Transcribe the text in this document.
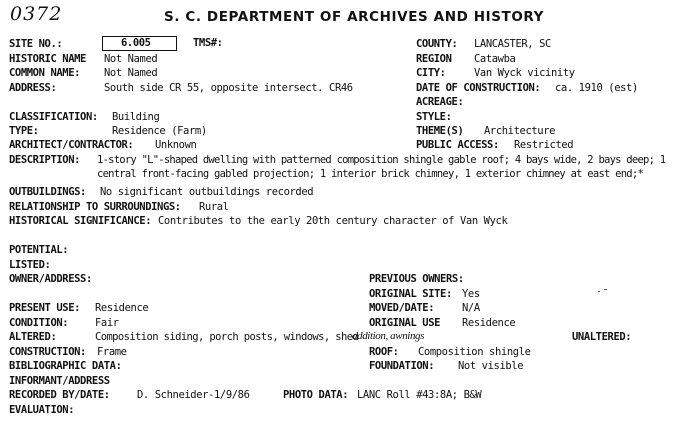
0372	S. C. DEPARTMENT OF ARCHIVES AND HISTORY
SITE NO.:	6.005	TMS#:
HISTORIC NAME Not Named
COMMON NAME: Not Named
ADDRESS:	South side CR 55, opposite intersect. CR46
COUNTY: LANCASTER, SC
REGION Catawba
CITY:	Van Wyck vicinity
DATE OF CONSTRUCTION: ca. 1910 (est)
ACREAGE:
STYLE:
THEME(S) Architecture
PUBLIC ACCESS: Restricted
CLASSIFICATION: Building
TYPE:	Residence (Farm)
ARCHITECT/CONTRACTOR: Unknown
DESCRIPTION: 1-story "L"-shaped dwelling with patterned composition shingle gable roof; 4 bays wide, 2 bays deep; 1
central front-facing gabled projection; 1 interior brick chimney, 1 exterior chimney at east end;*
OUTBUILDINGS: No significant outbuildings recorded
RELATIONSHIP TO SURROUNDINGS: Rural
HISTORICAL SIGNIFICANCE: Contributes to the early 20th century character of Van Wyck
POTENTIAL:
LISTED:
OWNER/ADDRESS:	PREVIOUS OWNERS:
ORIGINAL SITE: Yes
MOVED/DATE:	N/A
ORIGINAL USE Residence
UNALTERED:
ROOF: Composition shingle
FOUNDATION: Not visible
PRESENT USE: Residence
CONDITION:	Fair
ALTERED:	Composition siding, porch posts, windows, shed
addition, awnings
CONSTRUCTION: Frame
BIBLIOGRAPHIC DATA:
INFORMANT/ADDRESS
RECORDED BY/DATE:	D. Schneider-1/9/86	PHOTO DATA: LANC Roll #43:8A; B&W
EVALUATION:
